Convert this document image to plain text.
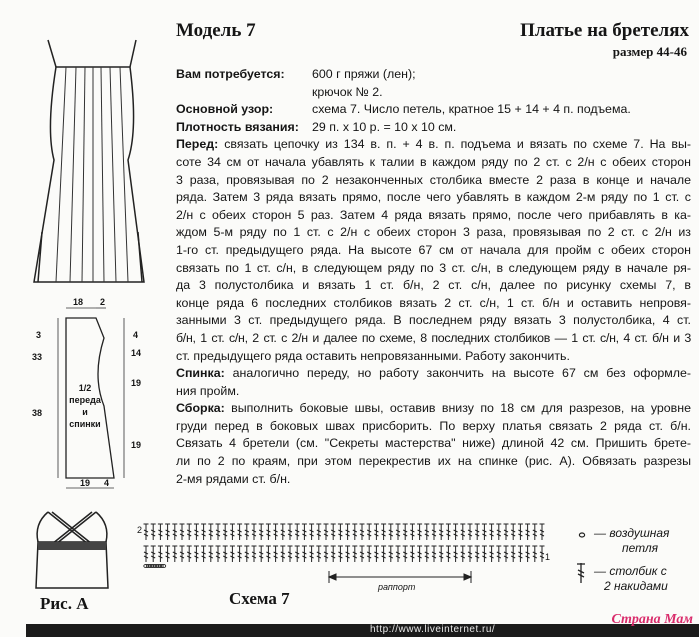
18 2
3
33
38
4
14
19
19
19 4
1/2
переда
и
спинки
Рис. А
Модель 7	Платье на бретелях
размер 44-46
Вам потребуется:	600 г пряжи (лен);
крючок № 2.
Основной узор:	схема 7. Число петель, кратное 15 + 14 + 4 п. подъема.
Плотность вязания:	29 п. х 10 р. = 10 х 10 см.
Перед: связать цепочку из 134 в. п. + 4 в. п. подъема и вязать по схеме 7. На вы-
соте 34 см от начала убавлять к талии в каждом ряду по 2 ст. с 2/н с обеих сторон
3 раза, провязывая по 2 незаконченных столбика вместе 2 раза в конце и начале
ряда. Затем 3 ряда вязать прямо, после чего убавлять в каждом 2-м ряду по 1 ст. с
2/н с обеих сторон 5 раз. Затем 4 ряда вязать прямо, после чего прибавлять в ка-
ждом 5-м ряду по 1 ст. с 2/н с обеих сторон 3 раза, провязывая по 2 ст. с 2/н из
1-го ст. предыдущего ряда. На высоте 67 см от начала для пройм с обеих сторон
связать по 1 ст. с/н, в следующем ряду по 3 ст. с/н, в следующем ряду в начале ря-
да 3 полустолбика и вязать 1 ст. б/н, 2 ст. с/н, далее по рисунку схемы 7, в
конце ряда 6 последних столбиков вязать 2 ст. с/н, 1 ст. б/н и оставить непровя-
занными 3 ст. предыдущего ряда. В последнем ряду вязать 3 полустолбика, 4 ст.
б/н, 1 ст. с/н, 2 ст. с 2/н и далее по схеме, 8 последних столбиков — 1 ст. с/н, 4 ст. б/н и 3
ст. предыдущего ряда оставить непровязанными. Работу закончить.
Спинка: аналогично переду, но работу закончить на высоте 67 см без оформле-
ния пройм.
Сборка: выполнить боковые швы, оставив внизу по 18 см для разрезов, на уровне
груди перед в боковых швах присборить. По верху платья связать 2 ряда ст. б/н.
Связать 4 бретели (см. "Секреты мастерства" ниже) длиной 42 см. Пришить брете-
ли по 2 по краям, при этом перекрестив их на спинке (рис. А). Обвязать разрезы
2-мя рядами ст. б/н.
2
1
раппорт
Схема 7
— воздушная
петля
— столбик с
2 накидами
http://www.liveinternet.ru/
Страна Мам
